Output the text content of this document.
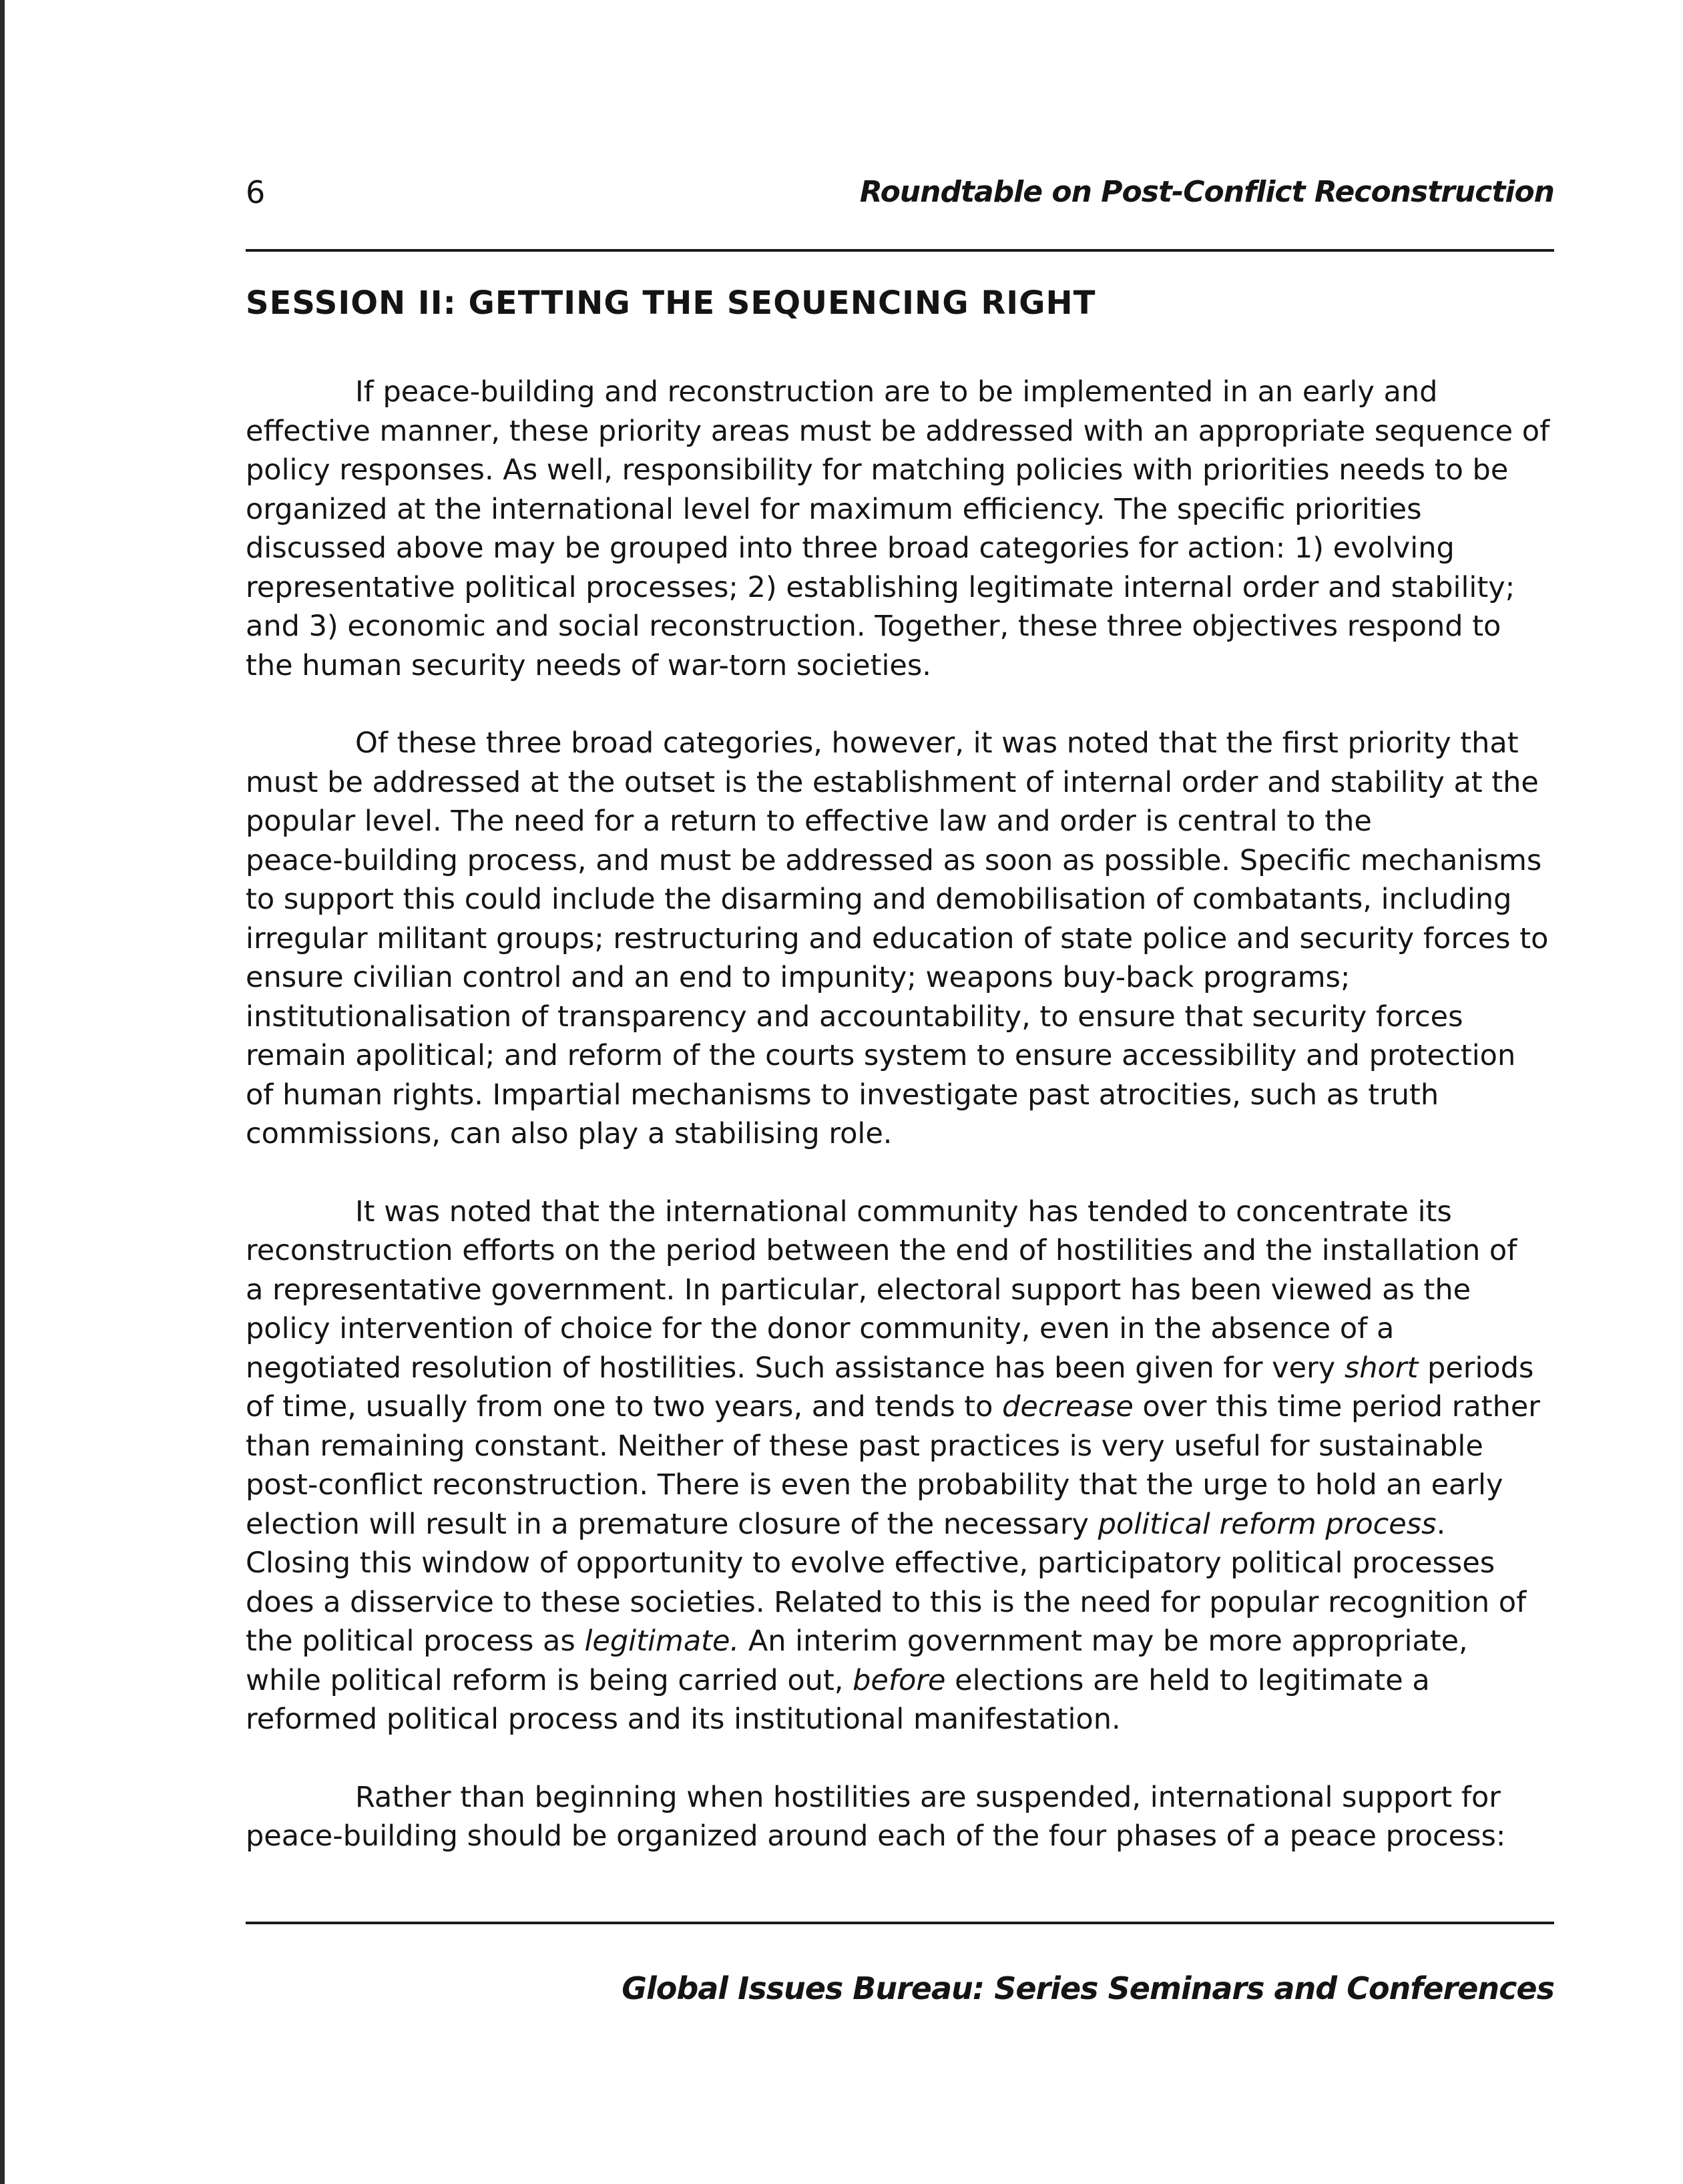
6	Roundtable on Post-Conflict Reconstruction
SESSION II: GETTING THE SEQUENCING RIGHT

If peace-building and reconstruction are to be implemented in an early and
effective manner, these priority areas must be addressed with an appropriate sequence of
policy responses. As well, responsibility for matching policies with priorities needs to be
organized at the international level for maximum efficiency. The specific priorities
discussed above may be grouped into three broad categories for action: 1) evolving
representative political processes; 2) establishing legitimate internal order and stability;
and 3) economic and social reconstruction. Together, these three objectives respond to
the human security needs of war-torn societies.

Of these three broad categories, however, it was noted that the first priority that
must be addressed at the outset is the establishment of internal order and stability at the
popular level. The need for a return to effective law and order is central to the
peace-building process, and must be addressed as soon as possible. Specific mechanisms
to support this could include the disarming and demobilisation of combatants, including
irregular militant groups; restructuring and education of state police and security forces to
ensure civilian control and an end to impunity; weapons buy-back programs;
institutionalisation of transparency and accountability, to ensure that security forces
remain apolitical; and reform of the courts system to ensure accessibility and protection
of human rights. Impartial mechanisms to investigate past atrocities, such as truth
commissions, can also play a stabilising role.

It was noted that the international community has tended to concentrate its
reconstruction efforts on the period between the end of hostilities and the installation of
a representative government. In particular, electoral support has been viewed as the
policy intervention of choice for the donor community, even in the absence of a
negotiated resolution of hostilities. Such assistance has been given for very short periods
of time, usually from one to two years, and tends to decrease over this time period rather
than remaining constant. Neither of these past practices is very useful for sustainable
post-conflict reconstruction. There is even the probability that the urge to hold an early
election will result in a premature closure of the necessary political reform process.
Closing this window of opportunity to evolve effective, participatory political processes
does a disservice to these societies. Related to this is the need for popular recognition of
the political process as legitimate. An interim government may be more appropriate,
while political reform is being carried out, before elections are held to legitimate a
reformed political process and its institutional manifestation.

Rather than beginning when hostilities are suspended, international support for
peace-building should be organized around each of the four phases of a peace process:

Global Issues Bureau: Series Seminars and Conferences
